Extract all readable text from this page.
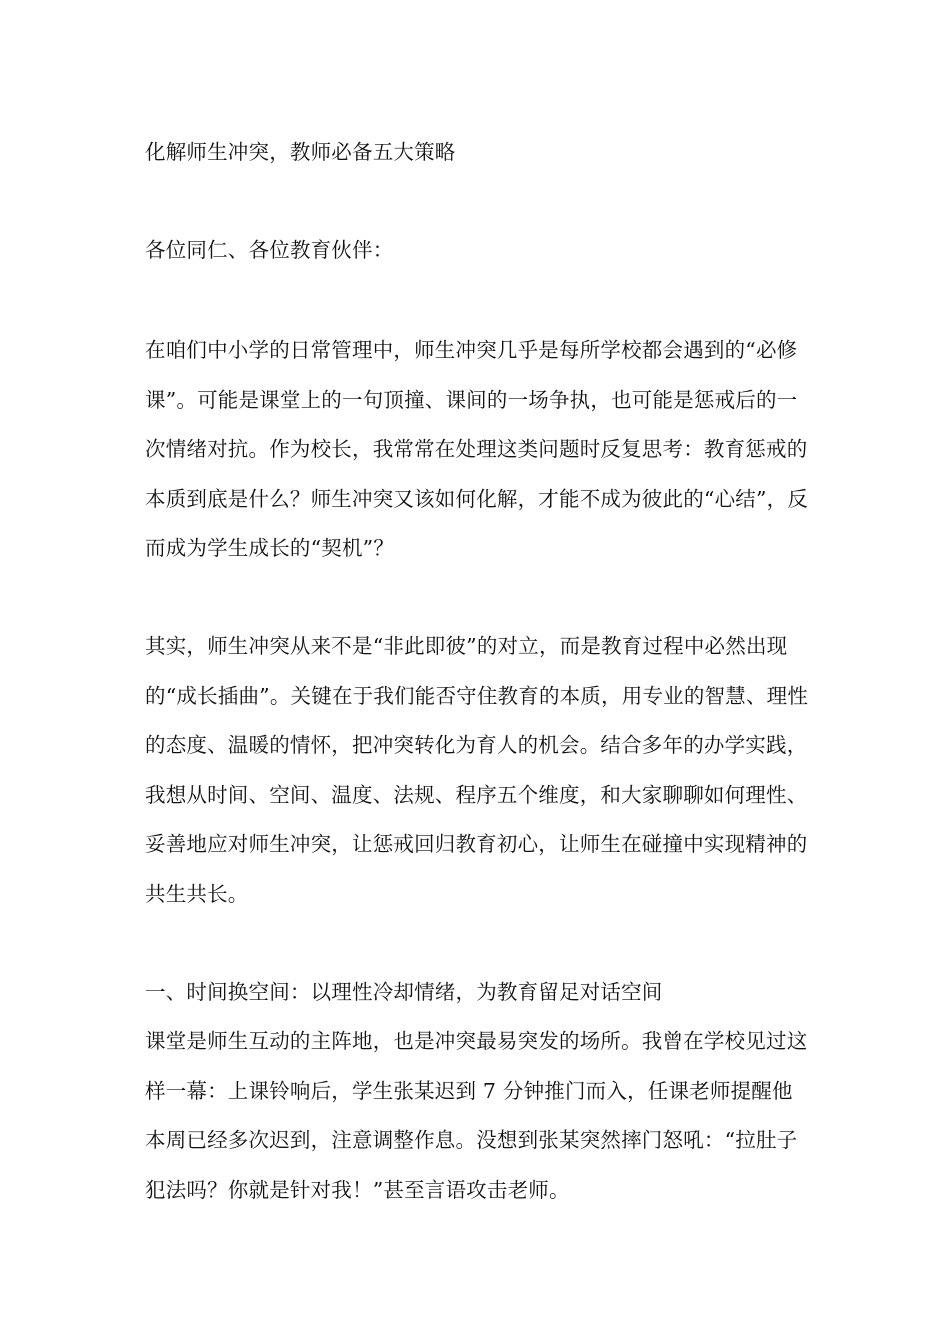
化解师生冲突，教师必备五大策略
各位同仁、各位教育伙伴：
在咱们中小学的日常管理中，师生冲突几乎是每所学校都会遇到的“必修课”。可能是课堂上的一句顶撞、课间的一场争执，也可能是惩戒后的一次情绪对抗。作为校长，我常常在处理这类问题时反复思考：教育惩戒的本质到底是什么？师生冲突又该如何化解，才能不成为彼此的“心结”，反而成为学生成长的“契机”？
其实，师生冲突从来不是“非此即彼”的对立，而是教育过程中必然出现的“成长插曲”。关键在于我们能否守住教育的本质，用专业的智慧、理性的态度、温暖的情怀，把冲突转化为育人的机会。结合多年的办学实践，我想从时间、空间、温度、法规、程序五个维度，和大家聊聊如何理性、妥善地应对师生冲突，让惩戒回归教育初心，让师生在碰撞中实现精神的共生共长。
一、时间换空间：以理性冷却情绪，为教育留足对话空间
课堂是师生互动的主阵地，也是冲突最易突发的场所。我曾在学校见过这样一幕：上课铃响后，学生张某迟到 7 分钟推门而入，任课老师提醒他本周已经多次迟到，注意调整作息。没想到张某突然摔门怒吼：“拉肚子犯法吗？你就是针对我！”甚至言语攻击老师。
